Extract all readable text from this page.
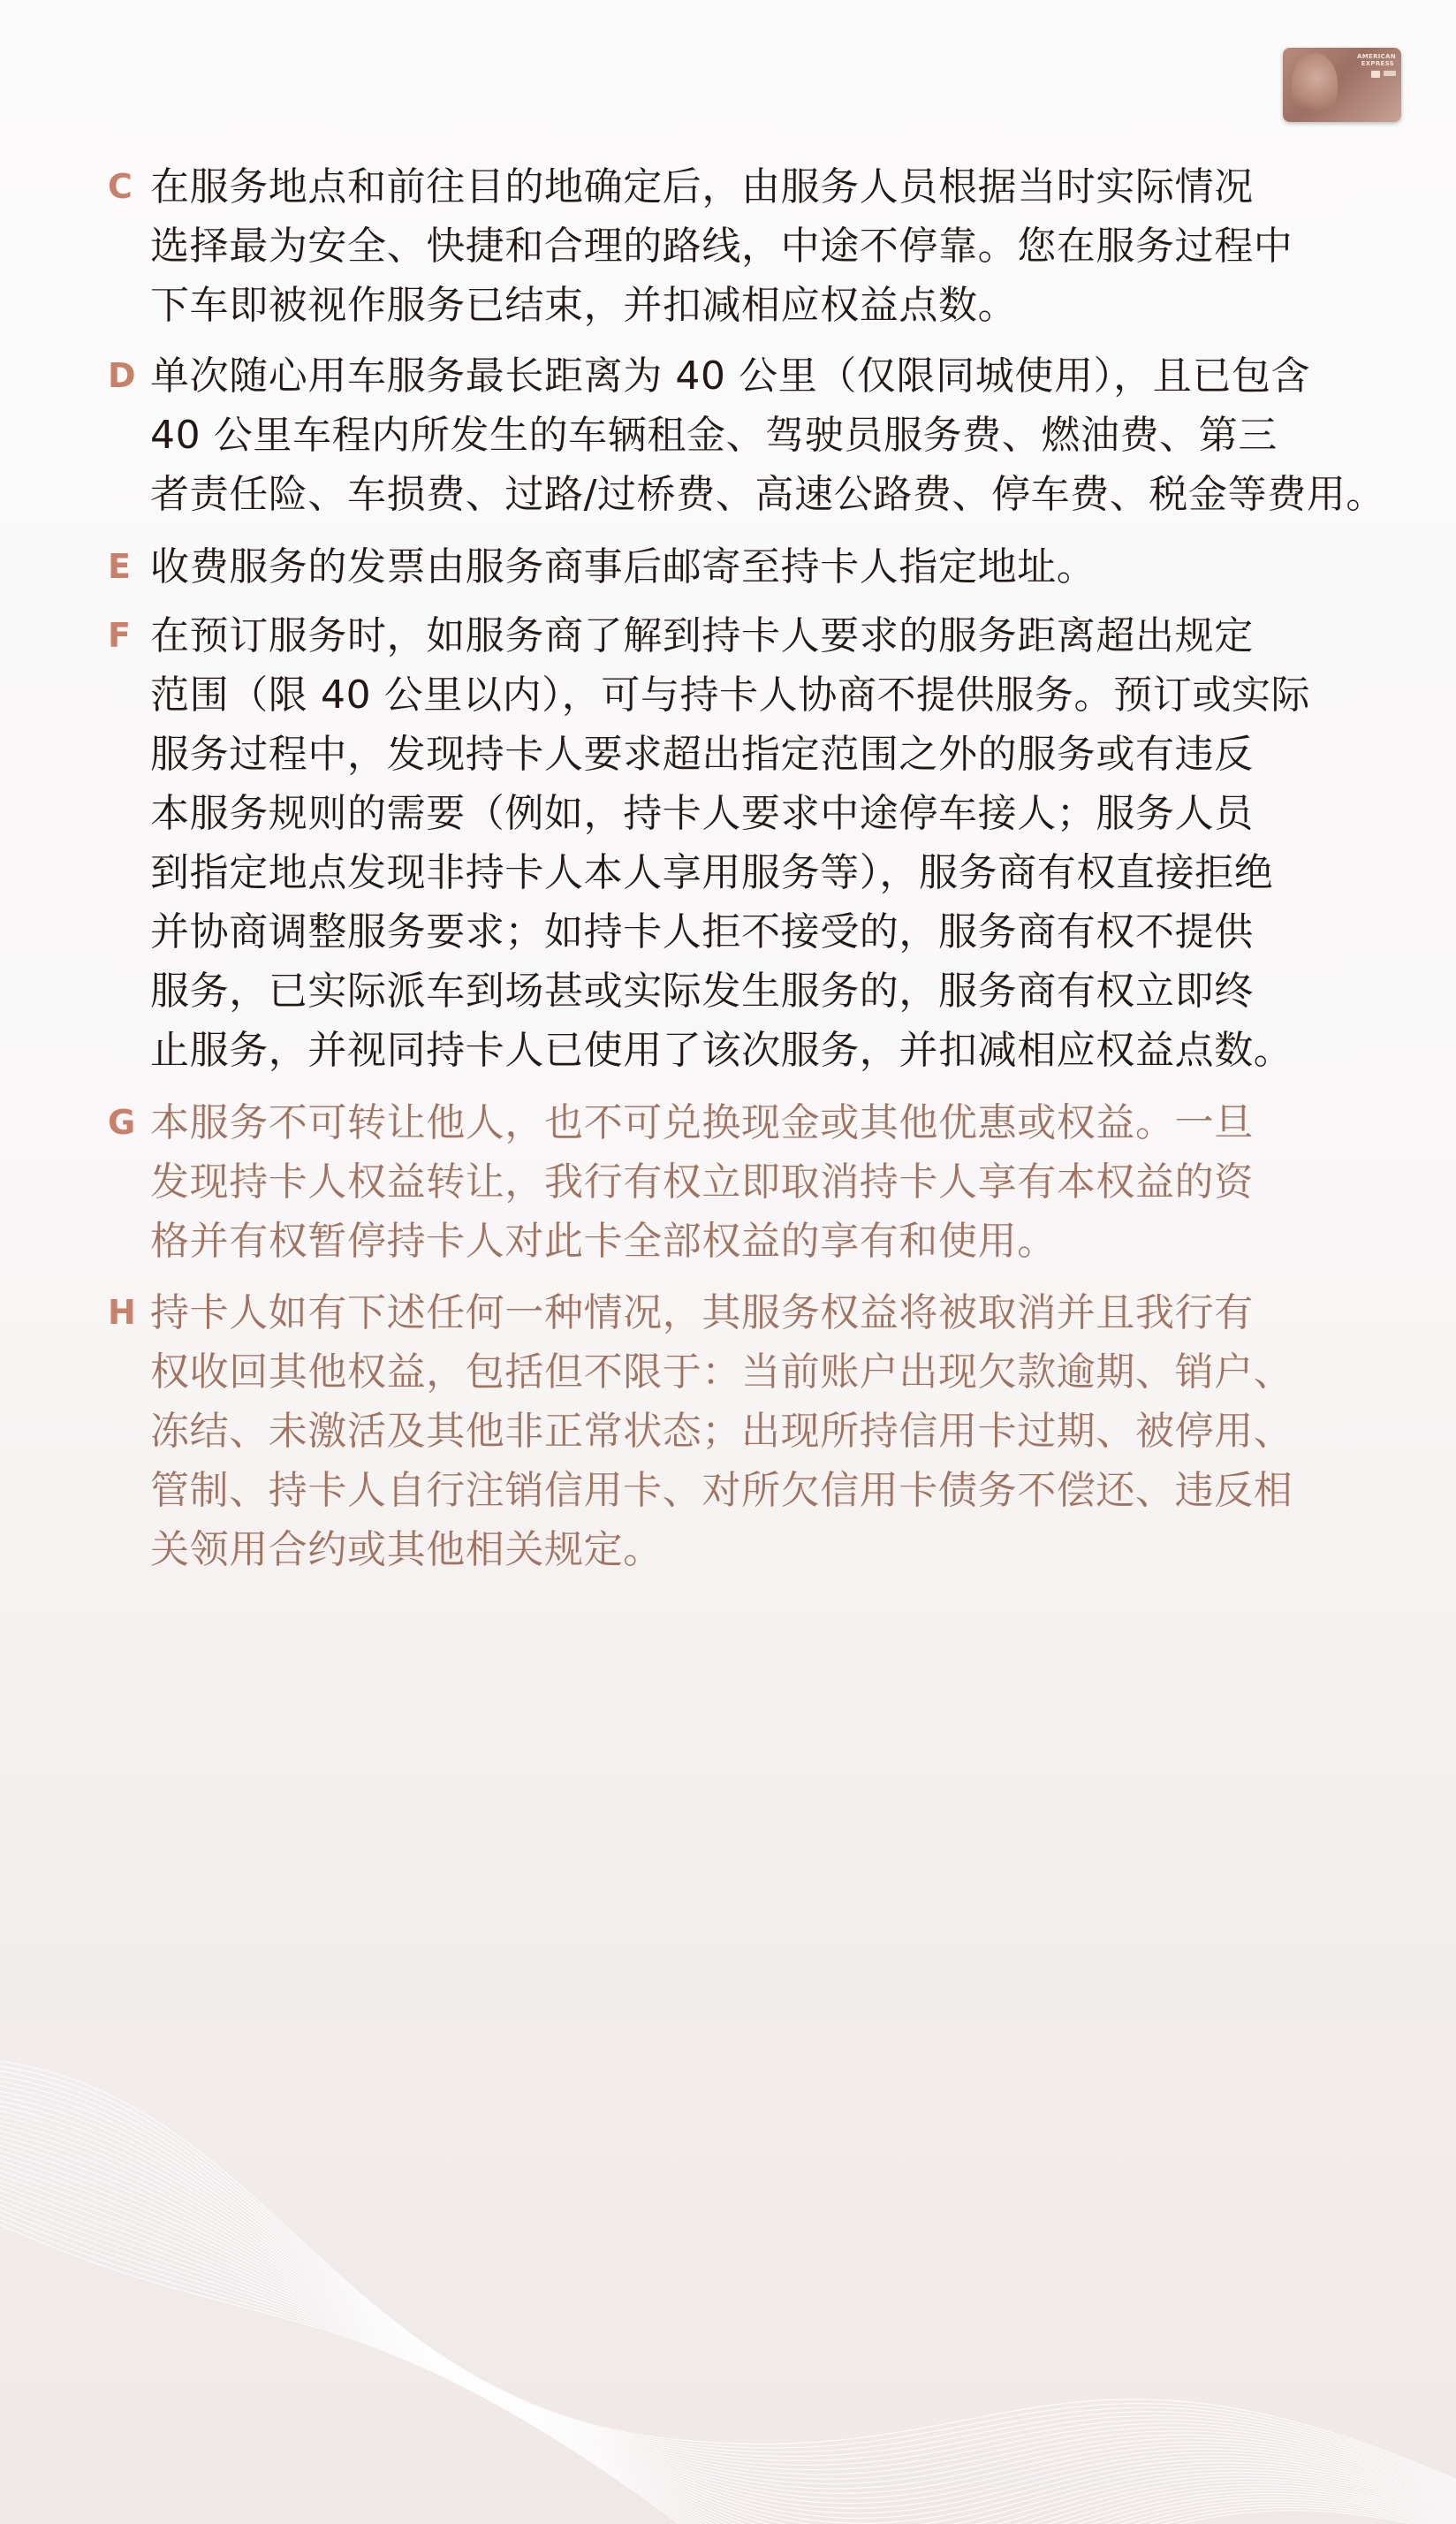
AMERICAN
EXPRESS
C 在服务地点和前往目的地确定后，由服务人员根据当时实际情况
选择最为安全、快捷和合理的路线，中途不停靠。您在服务过程中
下车即被视作服务已结束，并扣减相应权益点数。
D 单次随心用车服务最长距离为 40 公里（仅限同城使用），且已包含
40 公里车程内所发生的车辆租金、驾驶员服务费、燃油费、第三
者责任险、车损费、过路/过桥费、高速公路费、停车费、税金等费用。
E 收费服务的发票由服务商事后邮寄至持卡人指定地址。
F 在预订服务时，如服务商了解到持卡人要求的服务距离超出规定
范围（限 40 公里以内），可与持卡人协商不提供服务。预订或实际
服务过程中，发现持卡人要求超出指定范围之外的服务或有违反
本服务规则的需要（例如，持卡人要求中途停车接人；服务人员
到指定地点发现非持卡人本人享用服务等），服务商有权直接拒绝
并协商调整服务要求；如持卡人拒不接受的，服务商有权不提供
服务，已实际派车到场甚或实际发生服务的，服务商有权立即终
止服务，并视同持卡人已使用了该次服务，并扣减相应权益点数。
G 本服务不可转让他人，也不可兑换现金或其他优惠或权益。一旦
发现持卡人权益转让，我行有权立即取消持卡人享有本权益的资
格并有权暂停持卡人对此卡全部权益的享有和使用。
H 持卡人如有下述任何一种情况，其服务权益将被取消并且我行有
权收回其他权益，包括但不限于：当前账户出现欠款逾期、销户、
冻结、未激活及其他非正常状态；出现所持信用卡过期、被停用、
管制、持卡人自行注销信用卡、对所欠信用卡债务不偿还、违反相
关领用合约或其他相关规定。
